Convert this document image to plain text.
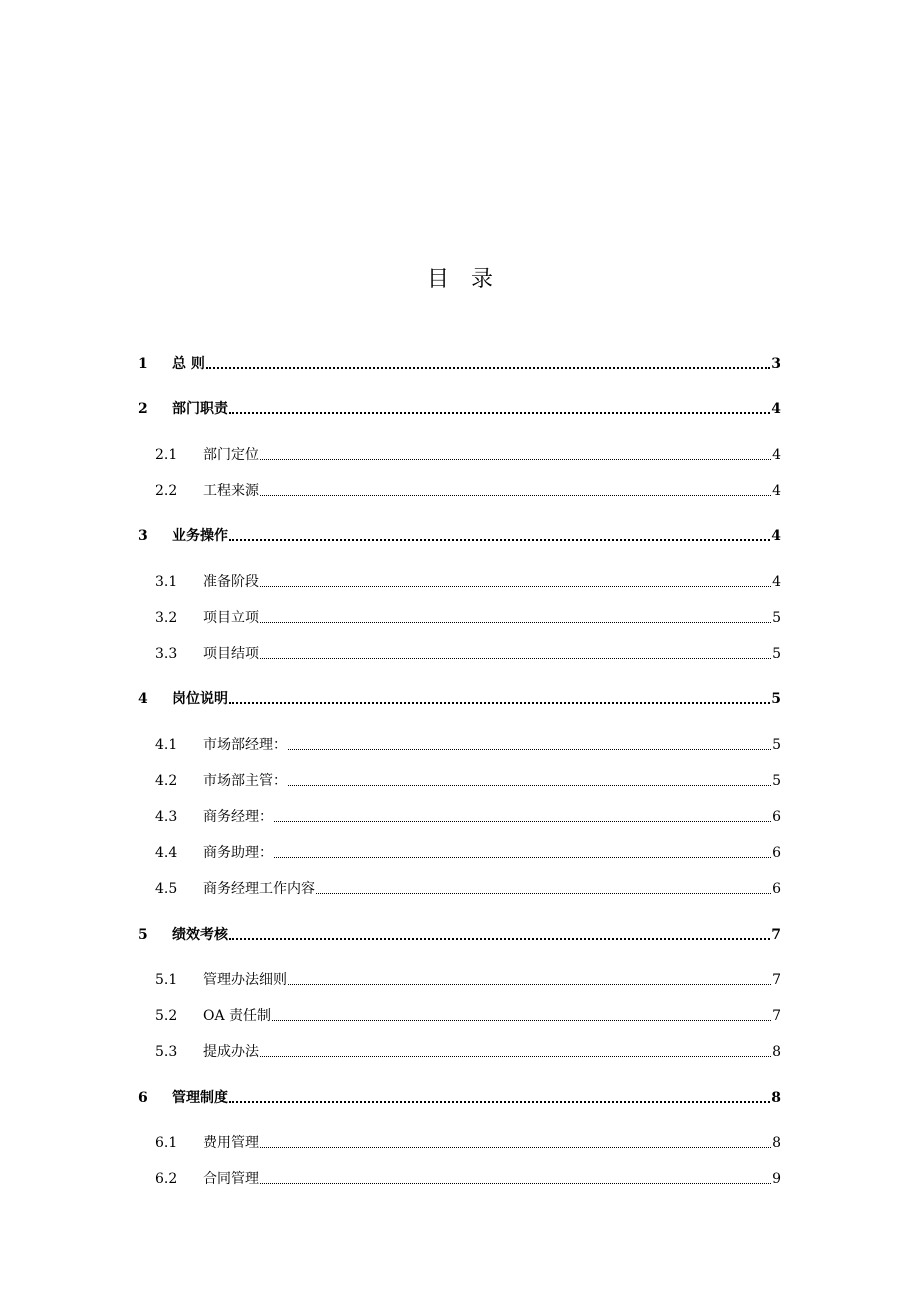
目　录
1	总 则	3
2	部门职责	4
2.1	部门定位	4
2.2	工程来源	4
3	业务操作	4
3.1	准备阶段	4
3.2	项目立项	5
3.3	项目结项	5
4	岗位说明	5
4.1	市场部经理：	5
4.2	市场部主管：	5
4.3	商务经理：	6
4.4	商务助理：	6
4.5	商务经理工作内容	6
5	绩效考核	7
5.1	管理办法细则	7
5.2	OA 责任制	7
5.3	提成办法	8
6	管理制度	8
6.1	费用管理	8
6.2	合同管理	9
